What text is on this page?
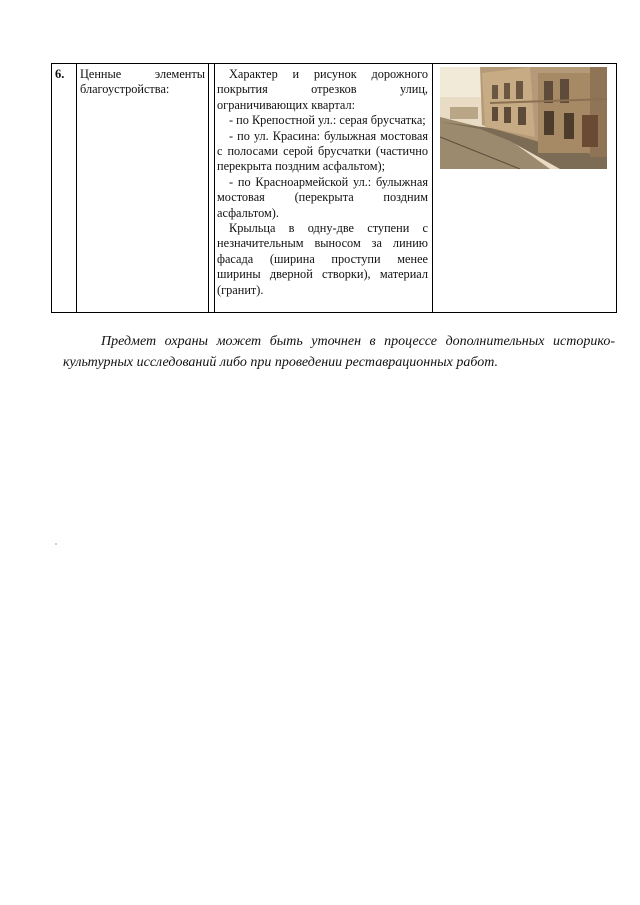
6. Ценные элементы благоустройства:

Характер и рисунок дорожного покрытия отрезков улиц, ограничивающих квартал:

- по Крепостной ул.: серая брусчатка;

- по ул. Красина: булыжная мостовая с полосами серой брусчатки (частично перекрыта поздним асфальтом);

- по Красноармейской ул.: булыжная мостовая (перекрыта поздним асфальтом).

Крыльца в одну-две ступени с незначительным выносом за линию фасада (ширина проступи менее ширины дверной створки), материал (гранит).

Предмет охраны может быть уточнен в процессе дополнительных историко-культурных исследований либо при проведении реставрационных работ.
